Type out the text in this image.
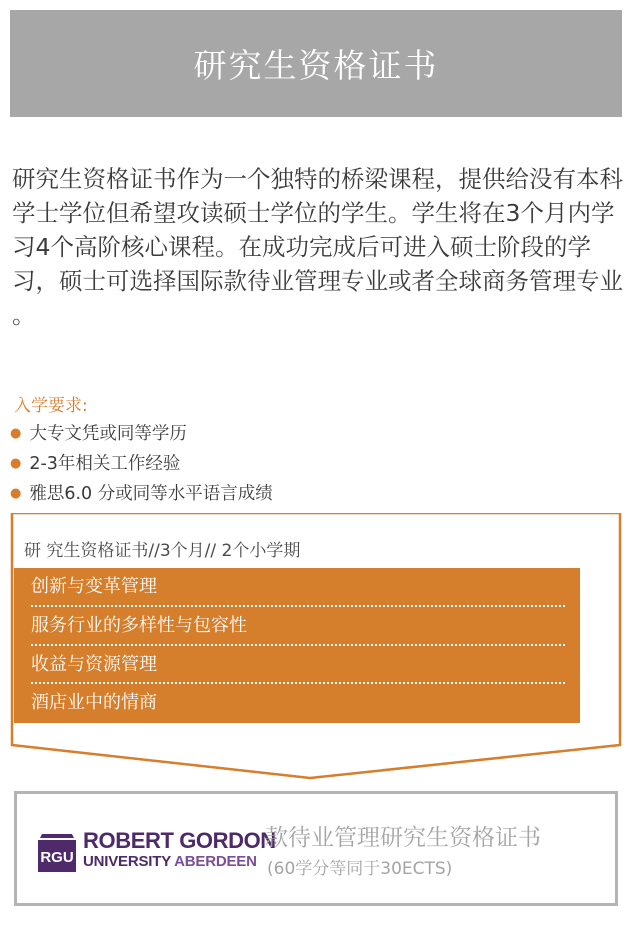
研究生资格证书

研究生资格证书作为一个独特的桥梁课程，提供给没有本科学士学位但希望攻读硕士学位的学生。学生将在3个月内学习4个高阶核心课程。在成功完成后可进入硕士阶段的学习，硕士可选择国际款待业管理专业或者全球商务管理专业 。

入学要求:
● 大专文凭或同等学历
● 2-3年相关工作经验
● 雅思6.0 分或同等水平语言成绩
研 究生资格证书//3个月// 2个小学期
创新与变革管理
服务行业的多样性与包容性
收益与资源管理
酒店业中的情商
RGU
ROBERT GORDON
UNIVERSITY ABERDEEN
款待业管理研究生资格证书
(60学分等同于30ECTS)
